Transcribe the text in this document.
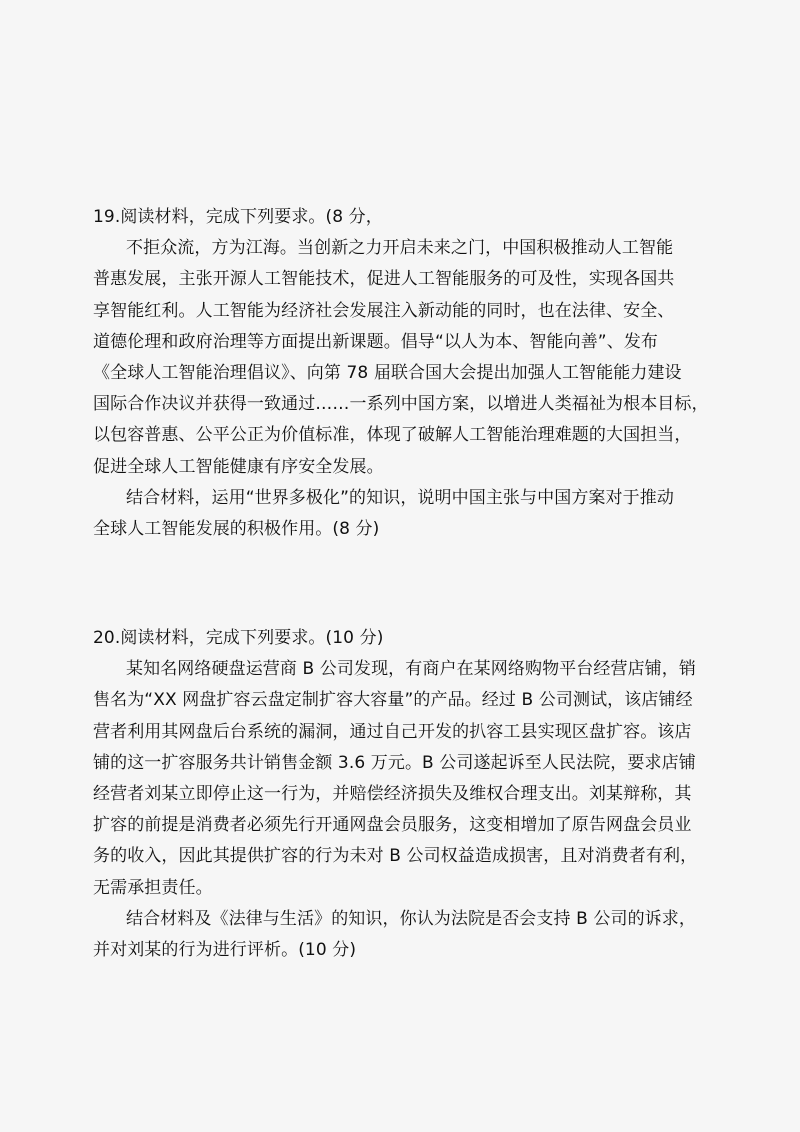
19.阅读材料，完成下列要求。(8 分，
不拒众流，方为江海。当创新之力开启未来之门，中国积极推动人工智能
普惠发展，主张开源人工智能技术，促进人工智能服务的可及性，实现各国共
享智能红利。人工智能为经济社会发展注入新动能的同时，也在法律、安全、
道德伦理和政府治理等方面提出新课题。倡导“以人为本、智能向善”、发布
《全球人工智能治理倡议》、向第 78 届联合国大会提出加强人工智能能力建设
国际合作决议并获得一致通过……一系列中国方案，以增进人类福祉为根本目标，
以包容普惠、公平公正为价值标准，体现了破解人工智能治理难题的大国担当，
促进全球人工智能健康有序安全发展。
结合材料，运用“世界多极化”的知识，说明中国主张与中国方案对于推动
全球人工智能发展的积极作用。(8 分)
20.阅读材料，完成下列要求。(10 分)
某知名网络硬盘运营商 B 公司发现，有商户在某网络购物平台经营店铺，销
售名为“XX 网盘扩容云盘定制扩容大容量”的产品。经过 B 公司测试，该店铺经
营者利用其网盘后台系统的漏洞，通过自己开发的扒容工县实现区盘扩容。该店
铺的这一扩容服务共计销售金额 3.6 万元。B 公司遂起诉至人民法院，要求店铺
经营者刘某立即停止这一行为，并赔偿经济损失及维权合理支出。刘某辩称，其
扩容的前提是消费者必须先行开通网盘会员服务，这变相增加了原告网盘会员业
务的收入，因此其提供扩容的行为未对 B 公司权益造成损害，且对消费者有利，
无需承担责任。
结合材料及《法律与生活》的知识，你认为法院是否会支持 B 公司的诉求，
并对刘某的行为进行评析。(10 分)
